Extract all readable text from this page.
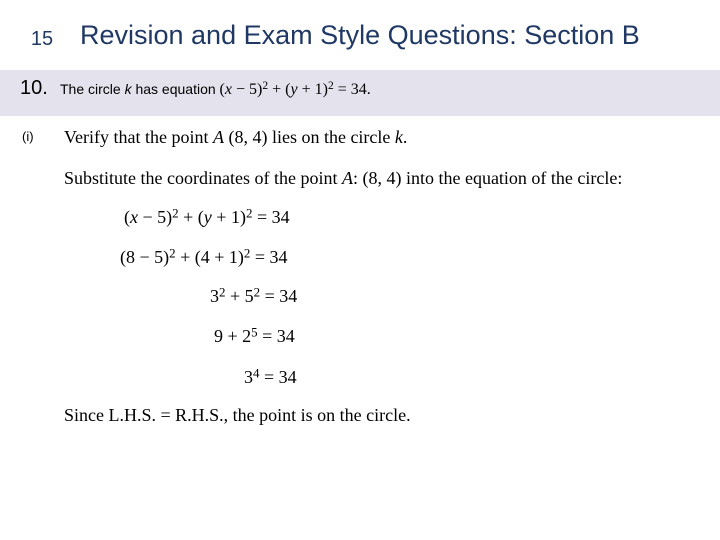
15 Revision and Exam Style Questions: Section B
10. The circle k has equation $(x - 5)^2 + (y + 1)^2 = 34$.
(i) Verify that the point A (8, 4) lies on the circle k.
Substitute the coordinates of the point A: (8, 4) into the equation of the circle:
$(x - 5)^2 + (y + 1)^2 = 34$
$(8 - 5)^2 + (4 + 1)^2 = 34$
$3^2 + 5^2 = 34$
$9 + 2^5 = 34$
$3^4 = 34$
Since L.H.S. = R.H.S., the point is on the circle.
